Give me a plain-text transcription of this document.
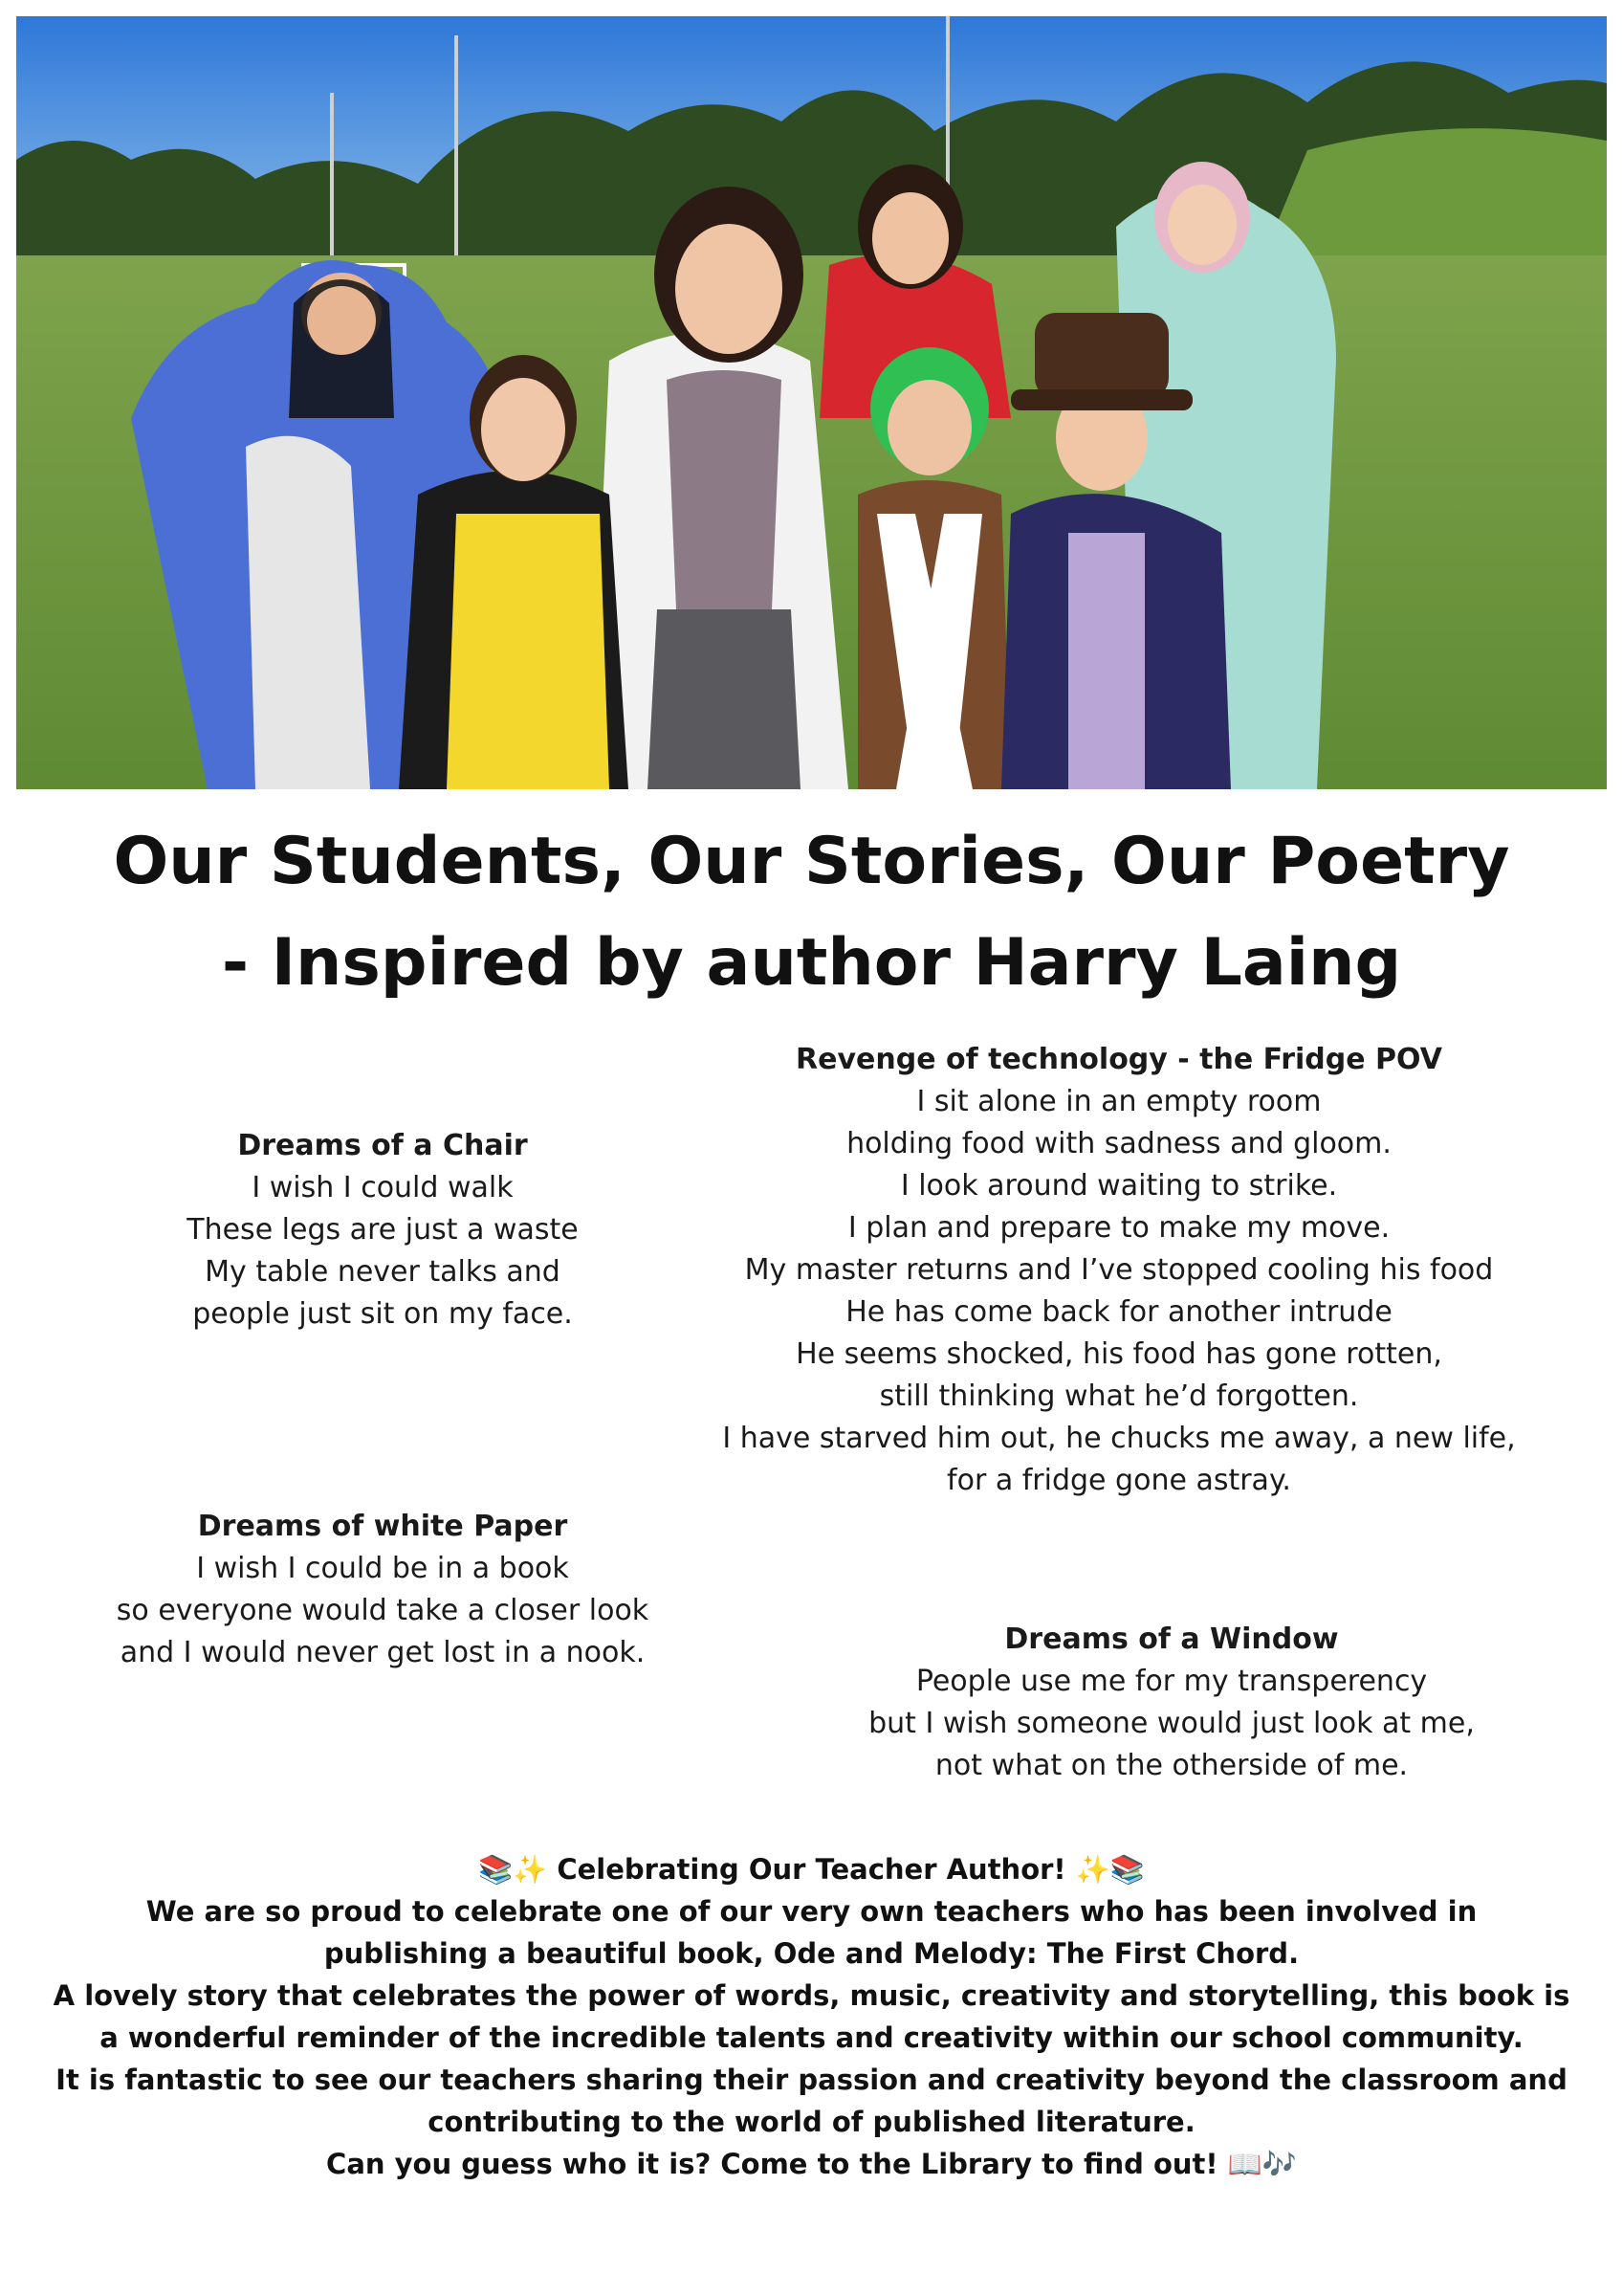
Our Students, Our Stories, Our Poetry
- Inspired by author Harry Laing
Dreams of a Chair
I wish I could walk
These legs are just a waste
My table never talks and
people just sit on my face.
Dreams of white Paper
I wish I could be in a book
so everyone would take a closer look
and I would never get lost in a nook.
Revenge of technology - the Fridge POV
I sit alone in an empty room
holding food with sadness and gloom.
I look around waiting to strike.
I plan and prepare to make my move.
My master returns and I’ve stopped cooling his food
He has come back for another intrude
He seems shocked, his food has gone rotten,
still thinking what he’d forgotten.
I have starved him out, he chucks me away, a new life,
for a fridge gone astray.
Dreams of a Window
People use me for my transperency
but I wish someone would just look at me,
not what on the otherside of me.
📚✨ Celebrating Our Teacher Author! ✨📚
We are so proud to celebrate one of our very own teachers who has been involved in
publishing a beautiful book, Ode and Melody: The First Chord.
A lovely story that celebrates the power of words, music, creativity and storytelling, this book is
a wonderful reminder of the incredible talents and creativity within our school community.
It is fantastic to see our teachers sharing their passion and creativity beyond the classroom and
contributing to the world of published literature.
Can you guess who it is? Come to the Library to find out! 📖🎶
